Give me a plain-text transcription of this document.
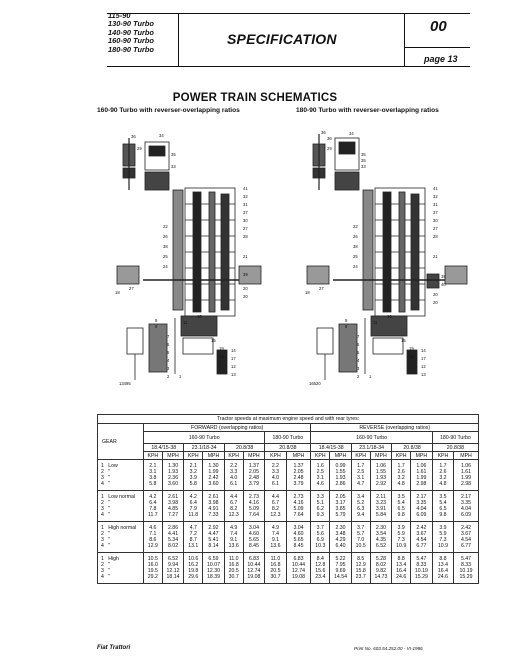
115-90
130-90 Turbo
140-90 Turbo
160-90 Turbo
180-90 Turbo
SPECIFICATION
00
page 13
POWER TRAIN SCHEMATICS
160-90 Turbo with reverser-overlapping ratios	180-90 Turbo with reverser-overlapping ratios
36	34
29
35
33
41
32
31
37
30
27
28
22
26
38
25
24
21
39
18
27	20
20
15
19
16
11
14
17
12
13
10
9
8
7
6
5
4
3
2 1
13495
36
36
34
29
35
35
33
41
32
31
37
30
27
28
22
26
38
25
24
21
39
40
18
27
20
20
15
19
16
11
14
17
12
13
10
9
8
7
6
5
4
3
2 1
16520
Tractor speeds at maximum engine speed and with rear tyres:																
GEAR	FORWARD (overlapping ratios)								REVERSE (overlapping ratios)							
	160-90 Turbo						180-90 Turbo		160-90 Turbo						180-90 Turbo	
	18.4/15-38		23.1/18-34		20.8/38		20.8/38		18.4/15-38		23.1/18-34		20.8/38		20.8/38	
	KPH	MPH	KPH	MPH	KPH	MPH	KPH	MPH	KPH	MPH	KPH	MPH	KPH	MPH	KPH	MPH
1   Low	2.1	1.30	2.1	1.30	2.2	1.37	2.2	1.37	1.6	0.99	1.7	1.06	1.7	1.06	1.7	1.06
2   "	3.1	1.93	3.2	1.99	3.3	2.05	3.3	2.05	2.5	1.55	2.5	1.55	2.6	1.61	2.6	1.61
3   "	3.8	2.36	3.9	2.42	4.0	2.48	4.0	2.48	3.1	1.93	3.1	1.93	3.2	1.99	3.2	1.99
4   "	5.8	3.60	5.8	3.60	6.1	3.79	6.1	3.79	4.6	2.86	4.7	2.92	4.8	2.98	4.8	2.98
1   Low normal	4.2	2.61	4.2	2.61	4.4	2.73	4.4	2.73	3.3	2.05	3.4	2.11	3.5	2.17	3.5	2.17
2   "	6.4	3.98	6.4	3.98	6.7	4.16	6.7	4.16	5.1	3.17	5.2	3.23	5.4	3.35	5.4	3.35
3   "	7.8	4.85	7.9	4.91	8.2	5.09	8.2	5.09	6.2	3.85	6.3	3.91	6.5	4.04	6.5	4.04
4   "	11.7	7.27	11.8	7.33	12.3	7.64	12.3	7.64	9.3	5.79	9.4	5.84	9.8	6.09	9.8	6.09
1   High normal	4.6	2.86	4.7	2.92	4.9	3.04	4.9	3.04	3.7	2.30	3.7	2.30	3.9	2.42	3.9	2.42
2   "	7.1	4.41	7.2	4.47	7.4	4.60	7.4	4.60	5.6	3.48	5.7	3.54	5.9	3.67	5.9	3.67
3   "	8.6	5.34	8.7	5.41	9.1	5.65	9.1	5.65	6.9	4.29	7.0	4.35	7.3	4.54	7.3	4.54
4   "	12.9	8.02	13.1	8.14	13.6	8.45	13.6	8.45	10.3	6.40	10.5	6.52	10.9	6.77	10.9	6.77
1   High	10.5	6.52	10.6	6.59	11.0	6.83	11.0	6.83	8.4	5.22	8.5	5.28	8.8	5.47	8.8	5.47
2   "	16.0	9.94	16.2	10.07	16.8	10.44	16.8	10.44	12.8	7.95	12.9	8.02	13.4	8.33	13.4	8.33
3   "	19.5	12.12	19.8	12.30	20.5	12.74	20.5	12.74	15.6	9.69	15.8	9.82	16.4	10.19	16.4	10.19
4   "	29.2	18.14	29.6	18.39	30.7	19.08	30.7	19.08	23.4	14.54	23.7	14.73	24.6	15.29	24.6	15.29
Fiat Trattori	Print No. 603.54.252.00 - VI-1986
